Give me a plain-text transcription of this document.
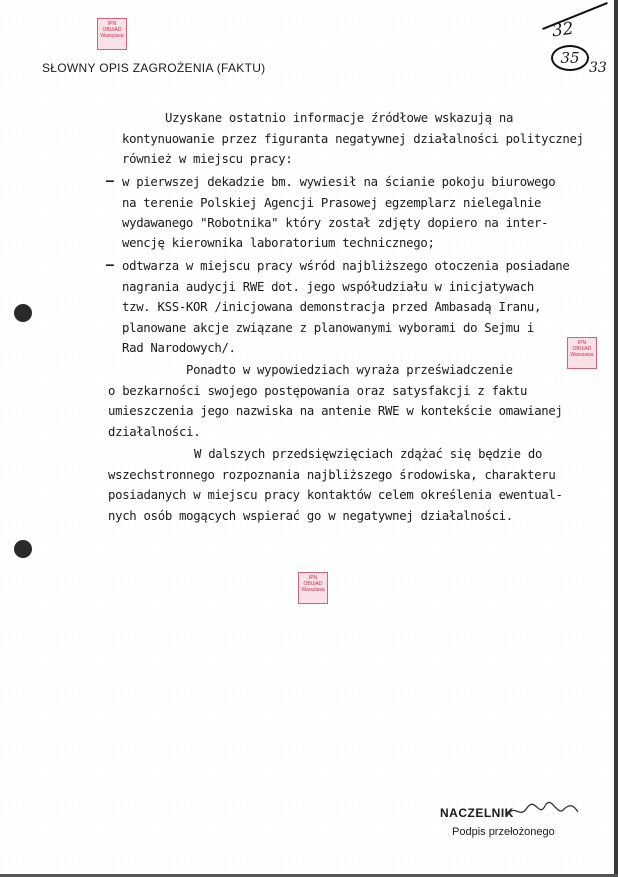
IPN
OBUiAD
Warszawa
IPN
OBUiAD
Warszawa
IPN
OBUiAD
Warszawa
32
35
33
SŁOWNY OPIS ZAGROŻENIA (FAKTU)
Uzyskane ostatnio informacje źródłowe wskazują na
kontynuowanie przez figuranta negatywnej działalności politycznej
również w miejscu pracy:
– w pierwszej dekadzie bm. wywiesił na ścianie pokoju biurowego
na terenie Polskiej Agencji Prasowej egzemplarz nielegalnie
wydawanego "Robotnika" który został zdjęty dopiero na inter-
wencję kierownika laboratorium technicznego;
– odtwarza w miejscu pracy wśród najbliższego otoczenia posiadane
nagrania audycji RWE dot. jego współudziału w inicjatywach
tzw. KSS-KOR /inicjowana demonstracja przed Ambasadą Iranu,
planowane akcje związane z planowanymi wyborami do Sejmu i
Rad Narodowych/.
Ponadto w wypowiedziach wyraża przeświadczenie
o bezkarności swojego postępowania oraz satysfakcji z faktu
umieszczenia jego nazwiska na antenie RWE w kontekście omawianej
działalności.
W dalszych przedsięwzięciach zdążać się będzie do
wszechstronnego rozpoznania najbliższego środowiska, charakteru
posiadanych w miejscu pracy kontaktów celem określenia ewentual-
nych osób mogących wspierać go w negatywnej działalności.
NACZELNIK
Podpis przełożonego
